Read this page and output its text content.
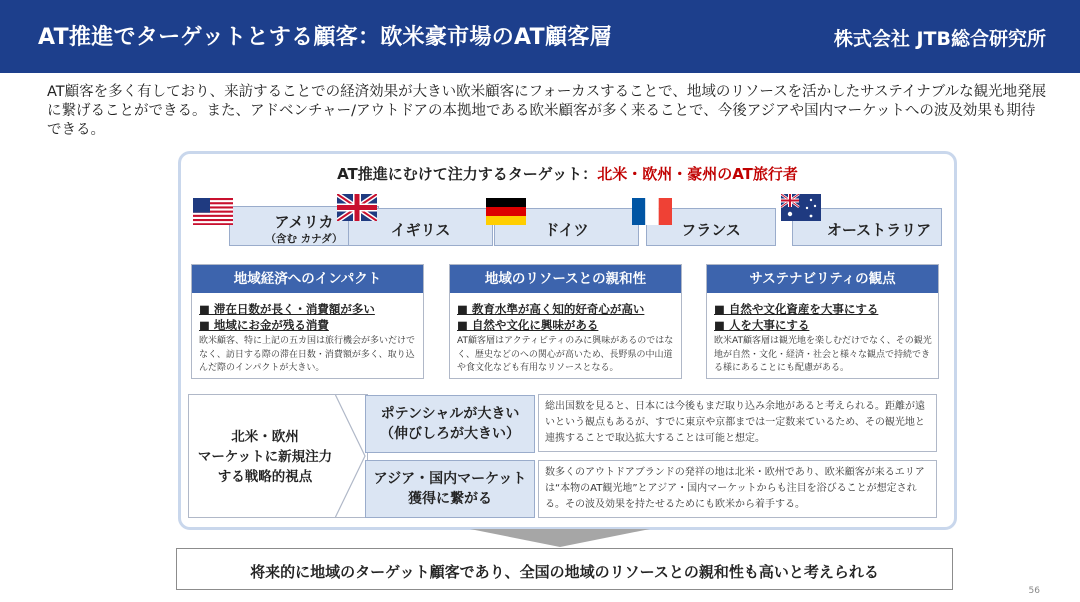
AT推進でターゲットとする顧客：欧米豪市場のAT顧客層	株式会社 JTB総合研究所
AT顧客を多く有しており、来訪することでの経済効果が大きい欧米顧客にフォーカスすることで、地域のリソースを活かしたサステイナブルな観光地発展に繋げることができる。また、アドベンチャー/アウトドアの本拠地である欧米顧客が多く来ることで、今後アジアや国内マーケットへの波及効果も期待できる。
AT推進にむけて注力するターゲット：北米・欧州・豪州のAT旅行者
アメリカ
（含む カナダ）	イギリス	ドイツ	フランス	オーストラリア
地域経済へのインパクト
■ 滞在日数が長く・消費額が多い
■ 地域にお金が残る消費
欧米顧客、特に上記の五カ国は旅行機会が多いだけでなく、訪日する際の滞在日数・消費額が多く、取り込んだ際のインパクトが大きい。
地域のリソースとの親和性
■ 教育水準が高く知的好奇心が高い
■ 自然や文化に興味がある
AT顧客層はアクティビティのみに興味があるのではなく、歴史などのへの関心が高いため、長野県の中山道や食文化なども有用なリソースとなる。
サステナビリティの観点
■ 自然や文化資産を大事にする
■ 人を大事にする
欧米AT顧客層は観光地を楽しむだけでなく、その観光地が自然・文化・経済・社会と様々な観点で持続できる様にあることにも配慮がある。
北米・欧州
マーケットに新規注力
する戦略的視点
ポテンシャルが大きい
（伸びしろが大きい）
総出国数を見ると、日本には今後もまだ取り込み余地があると考えられる。距離が遠いという観点もあるが、すでに東京や京都までは一定数来ているため、その観光地と連携することで取込拡大することは可能と想定。
アジア・国内マーケット
獲得に繋がる
数多くのアウトドアブランドの発祥の地は北米・欧州であり、欧米顧客が来るエリアは“本物のAT観光地”とアジア・国内マーケットからも注目を浴びることが想定される。その波及効果を持たせるためにも欧米から着手する。
将来的に地域のターゲット顧客であり、全国の地域のリソースとの親和性も高いと考えられる
56
